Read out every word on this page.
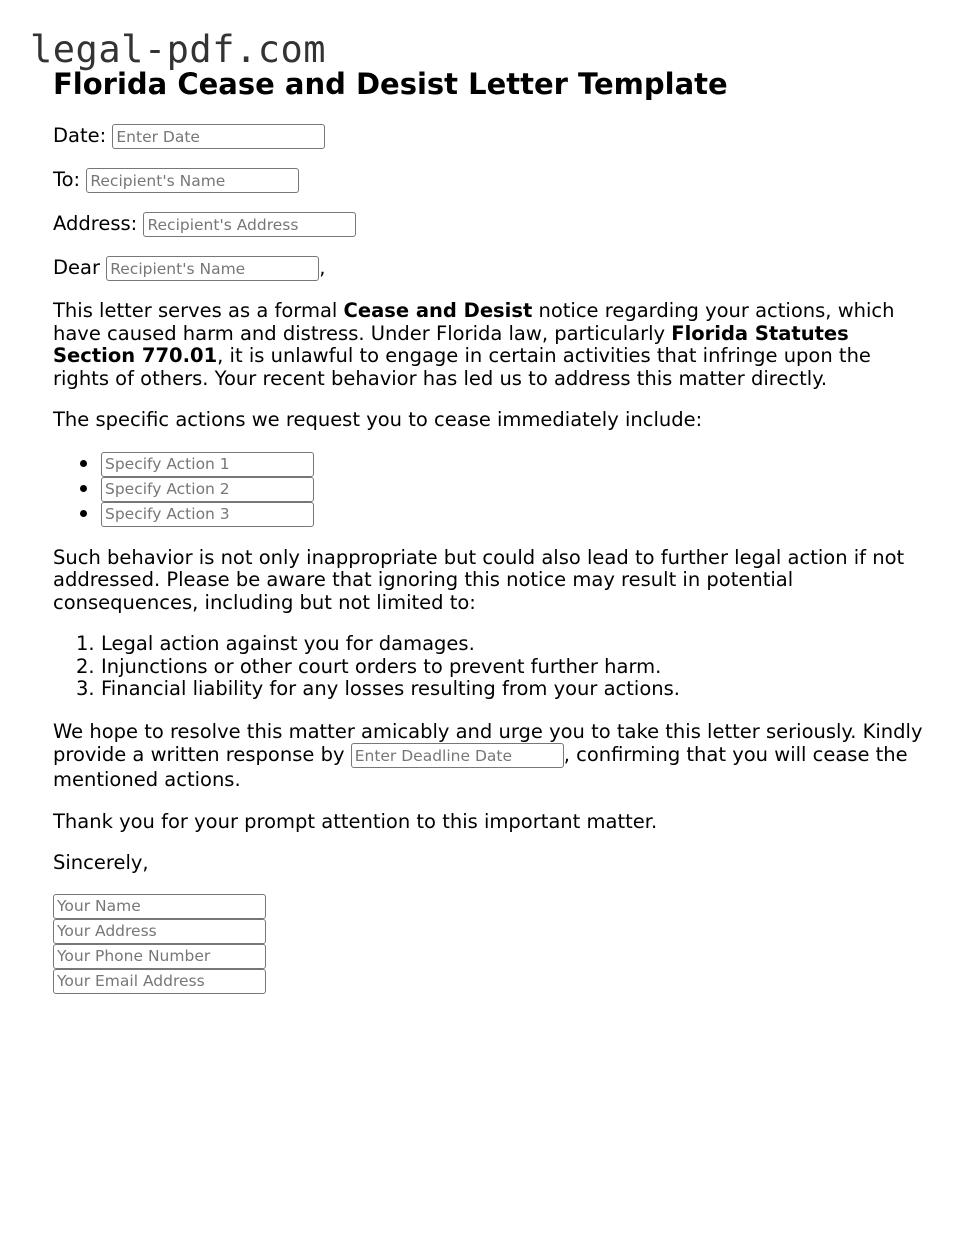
legal-pdf.com
Florida Cease and Desist Letter Template
Date: Enter Date
To: Recipient's Name
Address: Recipient's Address
Dear Recipient's Name	,

This letter serves as a formal Cease and Desist notice regarding your actions, which have caused harm and distress. Under Florida law, particularly Florida Statutes Section 770.01, it is unlawful to engage in certain activities that infringe upon the rights of others. Your recent behavior has led us to address this matter directly.

The specific actions we request you to cease immediately include:

Specify Action 1
Specify Action 2
Specify Action 3

Such behavior is not only inappropriate but could also lead to further legal action if not addressed. Please be aware that ignoring this notice may result in potential consequences, including but not limited to:

1. Legal action against you for damages.
2. Injunctions or other court orders to prevent further harm.
3. Financial liability for any losses resulting from your actions.

We hope to resolve this matter amicably and urge you to take this letter seriously. Kindly provide a written response by Enter Deadline Date	, confirming that you will cease the mentioned actions.

Thank you for your prompt attention to this important matter.

Sincerely,

Your Name
Your Address
Your Phone Number
Your Email Address
